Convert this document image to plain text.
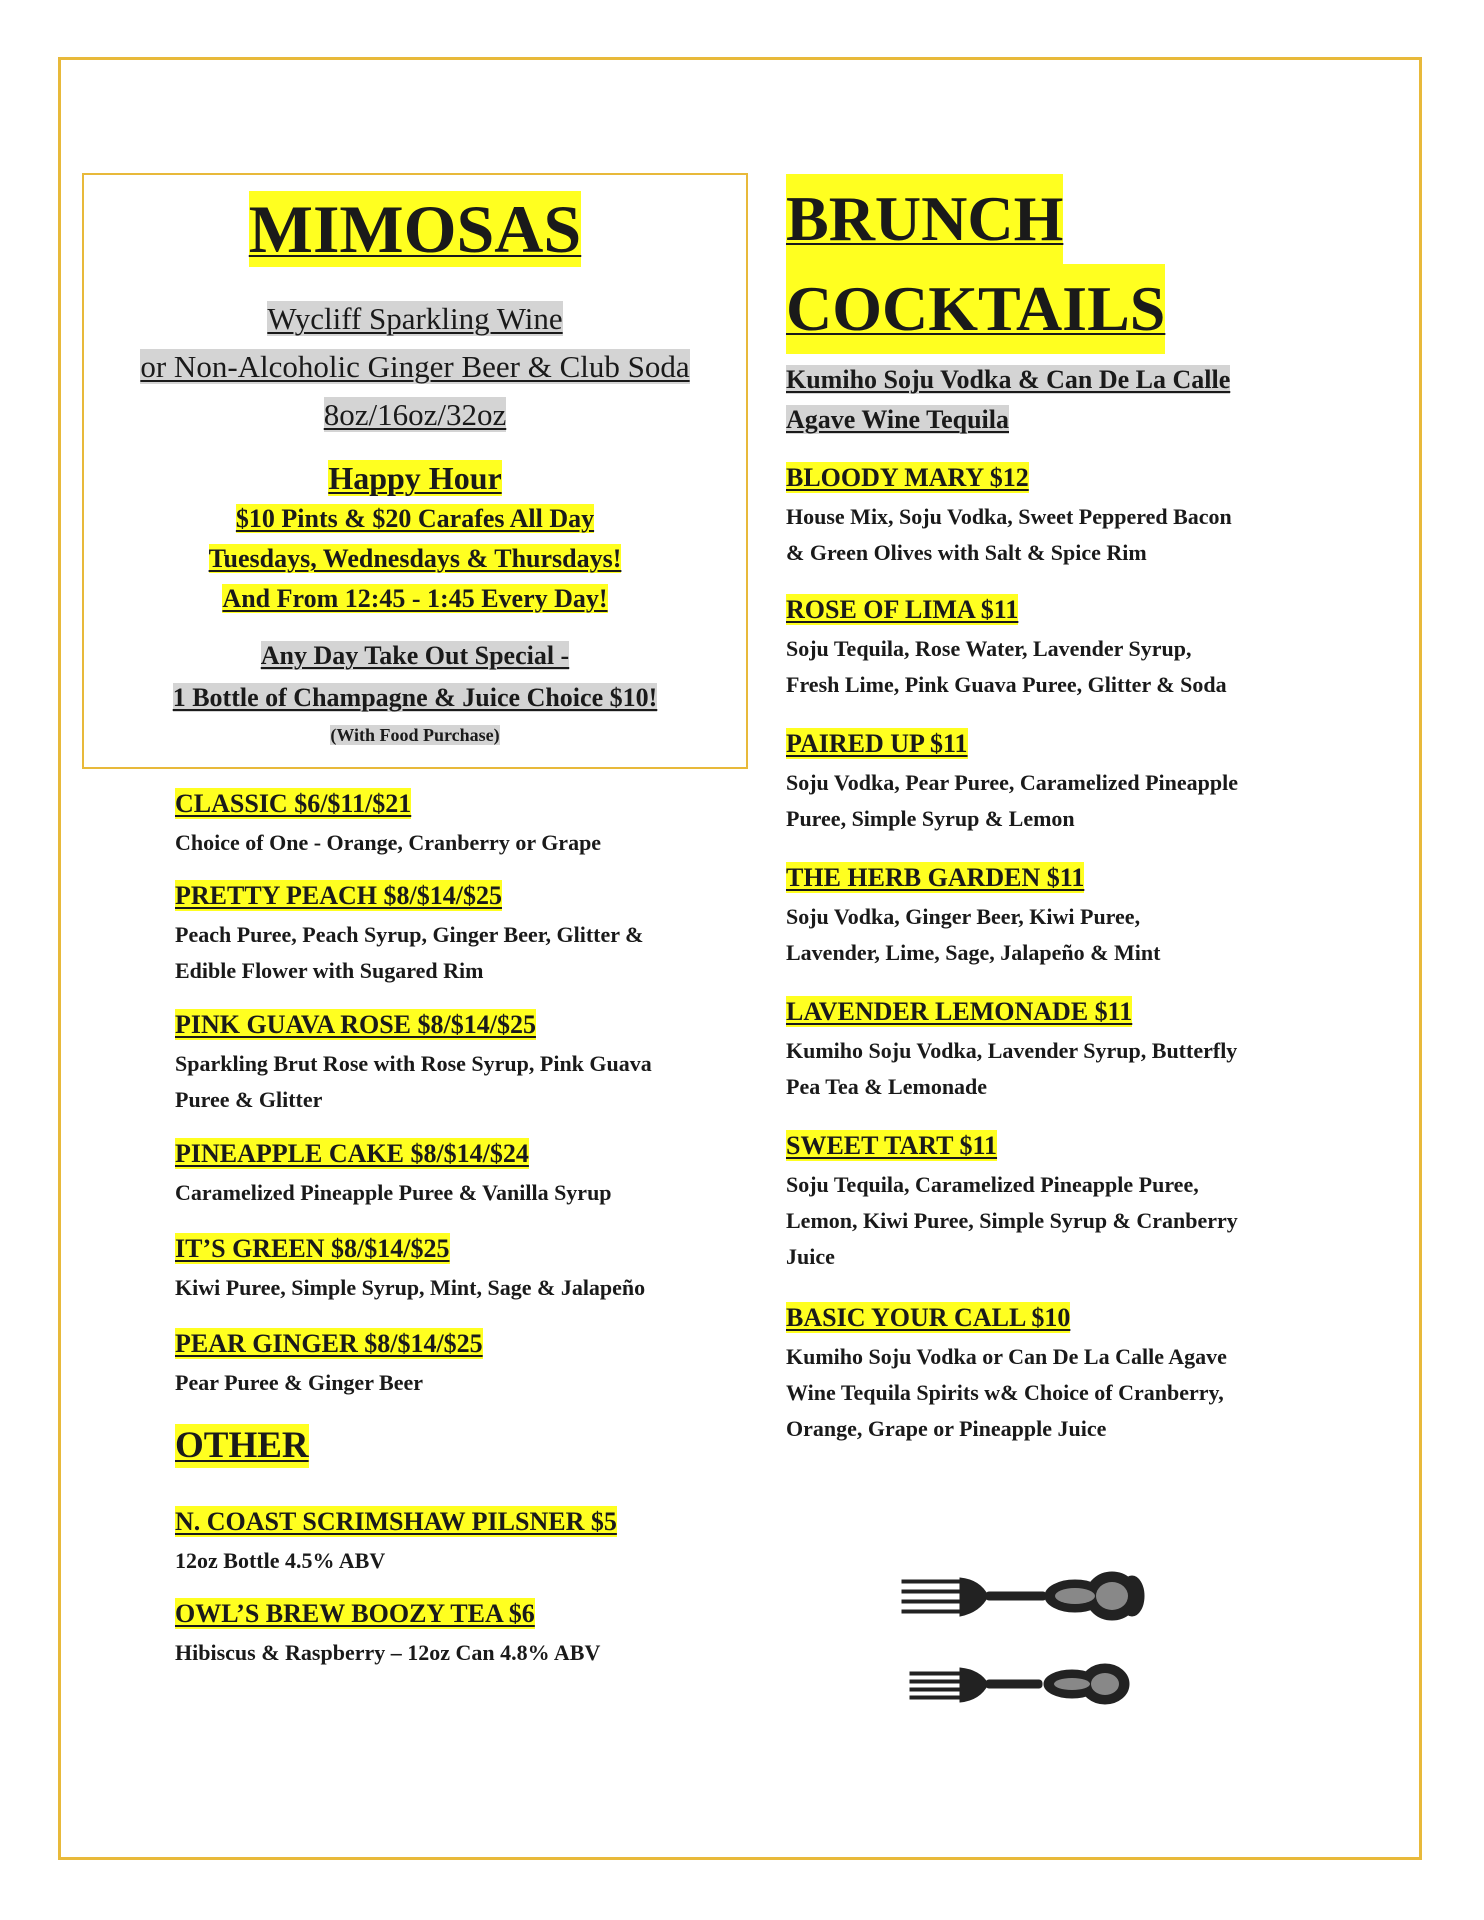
MIMOSAS
Wycliff Sparkling Wine
or Non-Alcoholic Ginger Beer & Club Soda
8oz/16oz/32oz
Happy Hour
$10 Pints & $20 Carafes All Day
Tuesdays, Wednesdays & Thursdays!
And From 12:45 - 1:45 Every Day!
Any Day Take Out Special -
1 Bottle of Champagne & Juice Choice $10!
(With Food Purchase)
CLASSIC $6/$11/$21
Choice of One - Orange, Cranberry or Grape
PRETTY PEACH $8/$14/$25
Peach Puree, Peach Syrup, Ginger Beer, Glitter &
Edible Flower with Sugared Rim
PINK GUAVA ROSE $8/$14/$25
Sparkling Brut Rose with Rose Syrup, Pink Guava
Puree & Glitter
PINEAPPLE CAKE $8/$14/$24
Caramelized Pineapple Puree & Vanilla Syrup
IT’S GREEN $8/$14/$25
Kiwi Puree, Simple Syrup, Mint, Sage & Jalapeño
PEAR GINGER $8/$14/$25
Pear Puree & Ginger Beer
OTHER
N. COAST SCRIMSHAW PILSNER $5
12oz Bottle 4.5% ABV
OWL’S BREW BOOZY TEA $6
Hibiscus & Raspberry – 12oz Can 4.8% ABV
BRUNCH
COCKTAILS
Kumiho Soju Vodka & Can De La Calle
Agave Wine Tequila
BLOODY MARY $12
House Mix, Soju Vodka, Sweet Peppered Bacon
& Green Olives with Salt & Spice Rim
ROSE OF LIMA $11
Soju Tequila, Rose Water, Lavender Syrup,
Fresh Lime, Pink Guava Puree, Glitter & Soda
PAIRED UP $11
Soju Vodka, Pear Puree, Caramelized Pineapple
Puree, Simple Syrup & Lemon
THE HERB GARDEN $11
Soju Vodka, Ginger Beer, Kiwi Puree,
Lavender, Lime, Sage, Jalapeño & Mint
LAVENDER LEMONADE $11
Kumiho Soju Vodka, Lavender Syrup, Butterfly
Pea Tea & Lemonade
SWEET TART $11
Soju Tequila, Caramelized Pineapple Puree,
Lemon, Kiwi Puree, Simple Syrup & Cranberry
Juice
BASIC YOUR CALL $10
Kumiho Soju Vodka or Can De La Calle Agave
Wine Tequila Spirits w& Choice of Cranberry,
Orange, Grape or Pineapple Juice
